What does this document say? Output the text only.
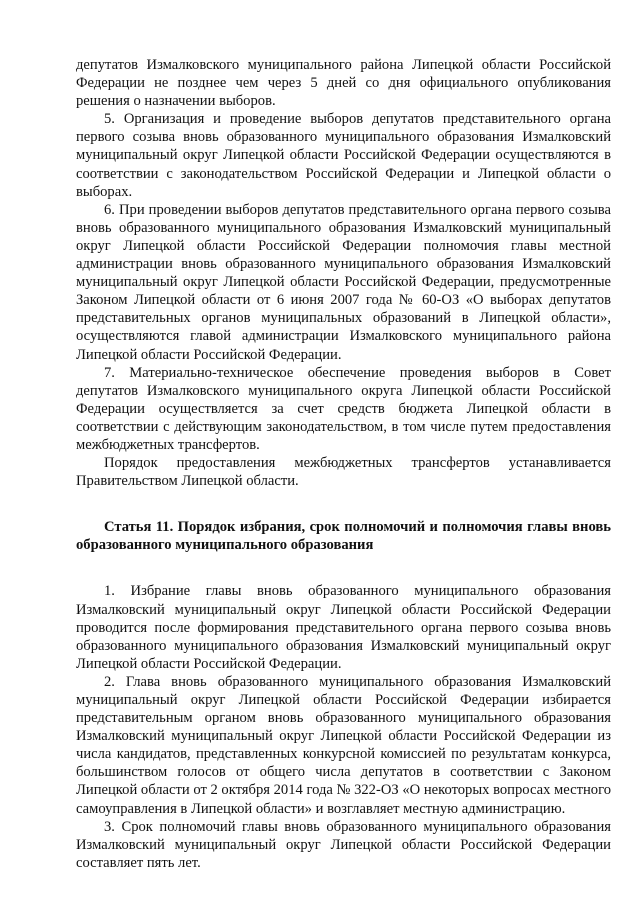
депутатов Измалковского муниципального района Липецкой области Российской Федерации не позднее чем через 5 дней со дня официального опубликования решения о назначении выборов.

5. Организация и проведение выборов депутатов представительного органа первого созыва вновь образованного муниципального образования Измалковский муниципальный округ Липецкой области Российской Федерации осуществляются в соответствии с законодательством Российской Федерации и Липецкой области о выборах.

6. При проведении выборов депутатов представительного органа первого созыва вновь образованного муниципального образования Измалковский муниципальный округ Липецкой области Российской Федерации полномочия главы местной администрации вновь образованного муниципального образования Измалковский муниципальный округ Липецкой области Российской Федерации, предусмотренные Законом Липецкой области от 6 июня 2007 года № 60-ОЗ «О выборах депутатов представительных органов муниципальных образований в Липецкой области», осуществляются главой администрации Измалковского муниципального района Липецкой области Российской Федерации.

7. Материально-техническое обеспечение проведения выборов в Совет депутатов Измалковского муниципального округа Липецкой области Российской Федерации осуществляется за счет средств бюджета Липецкой области в соответствии с действующим законодательством, в том числе путем предоставления межбюджетных трансфертов.

Порядок предоставления межбюджетных трансфертов устанавливается Правительством Липецкой области.

Статья 11. Порядок избрания, срок полномочий и полномочия главы вновь образованного муниципального образования

1. Избрание главы вновь образованного муниципального образования Измалковский муниципальный округ Липецкой области Российской Федерации проводится после формирования представительного органа первого созыва вновь образованного муниципального образования Измалковский муниципальный округ Липецкой области Российской Федерации.

2. Глава вновь образованного муниципального образования Измалковский муниципальный округ Липецкой области Российской Федерации избирается представительным органом вновь образованного муниципального образования Измалковский муниципальный округ Липецкой области Российской Федерации из числа кандидатов, представленных конкурсной комиссией по результатам конкурса, большинством голосов от общего числа депутатов в соответствии с Законом Липецкой области от 2 октября 2014 года № 322-ОЗ «О некоторых вопросах местного самоуправления в Липецкой области» и возглавляет местную администрацию.

3. Срок полномочий главы вновь образованного муниципального образования Измалковский муниципальный округ Липецкой области Российской Федерации составляет пять лет.
